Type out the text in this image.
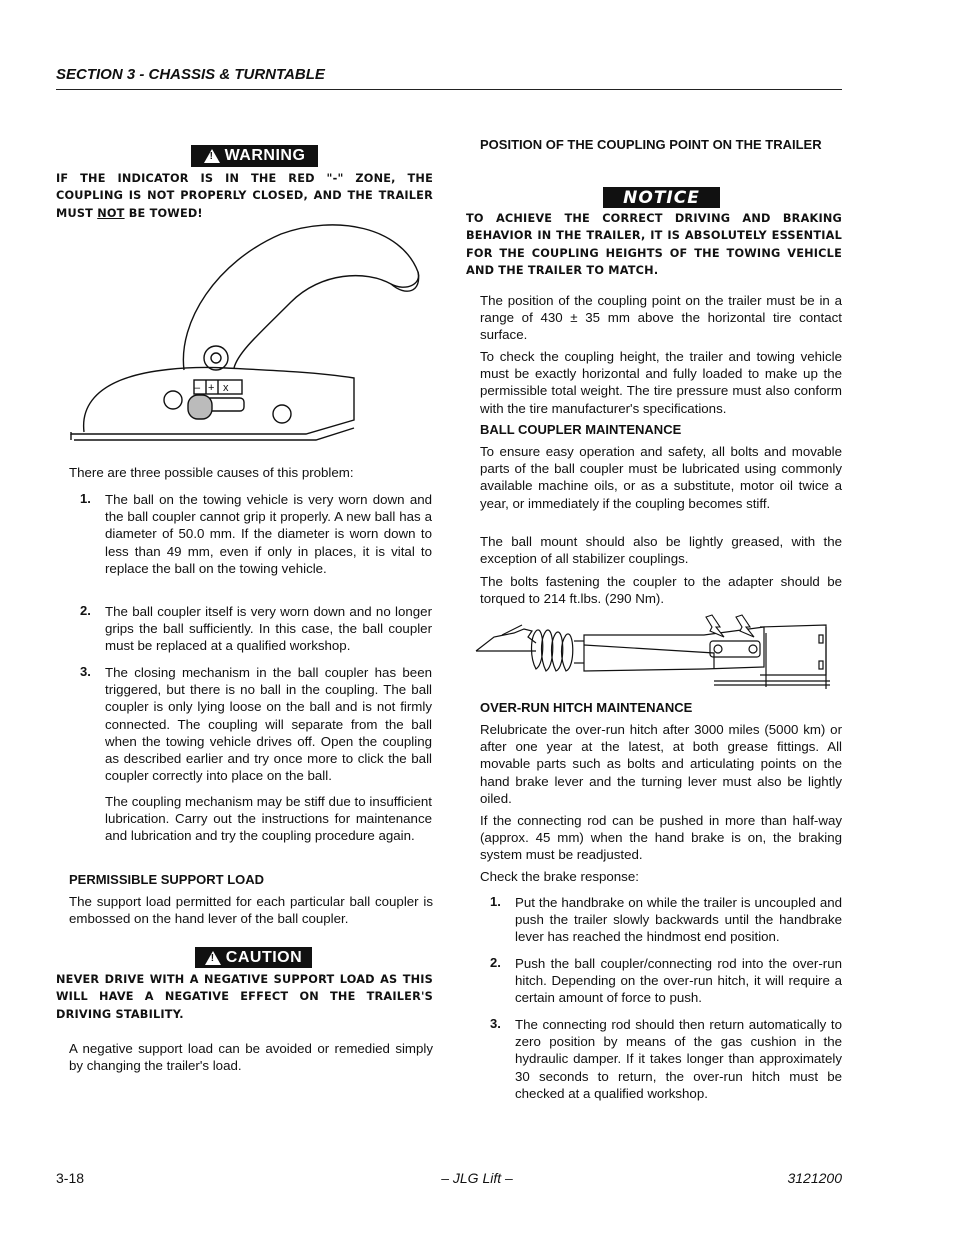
SECTION 3 - CHASSIS & TURNTABLE
! WARNING
IF THE INDICATOR IS IN THE RED "-" ZONE, THE COUPLING IS NOT PROPERLY CLOSED, AND THE TRAILER MUST NOT BE TOWED!
– + x

There are three possible causes of this problem:

1. The ball on the towing vehicle is very worn down and the ball coupler cannot grip it properly. A new ball has a diameter of 50.0 mm. If the diameter is worn down to less than 49 mm, even if only in places, it is vital to replace the ball on the towing vehicle.

2. The ball coupler itself is very worn down and no longer grips the ball sufficiently. In this case, the ball coupler must be replaced at a qualified workshop.

3. The closing mechanism in the ball coupler has been triggered, but there is no ball in the coupling. The ball coupler is only lying loose on the ball and is not firmly connected. The coupling will separate from the ball when the towing vehicle drives off. Open the coupling as described earlier and try once more to click the ball coupler correctly into place on the ball.

The coupling mechanism may be stiff due to insufficient lubrication. Carry out the instructions for maintenance and lubrication and try the coupling procedure again.

PERMISSIBLE SUPPORT LOAD

The support load permitted for each particular ball coupler is embossed on the hand lever of the ball coupler.

! CAUTION
NEVER DRIVE WITH A NEGATIVE SUPPORT LOAD AS THIS WILL HAVE A NEGATIVE EFFECT ON THE TRAILER'S DRIVING STABILITY.

A negative support load can be avoided or remedied simply by changing the trailer's load.

POSITION OF THE COUPLING POINT ON THE TRAILER
NOTICE
TO ACHIEVE THE CORRECT DRIVING AND BRAKING BEHAVIOR IN THE TRAILER, IT IS ABSOLUTELY ESSENTIAL FOR THE COUPLING HEIGHTS OF THE TOWING VEHICLE AND THE TRAILER TO MATCH.

The position of the coupling point on the trailer must be in a range of 430 ± 35 mm above the horizontal tire contact surface.

To check the coupling height, the trailer and towing vehicle must be exactly horizontal and fully loaded to make up the permissible total weight. The tire pressure must also conform with the tire manufacturer's specifications.

BALL COUPLER MAINTENANCE

To ensure easy operation and safety, all bolts and movable parts of the ball coupler must be lubricated using commonly available machine oils, or as a substitute, motor oil twice a year, or immediately if the coupling becomes stiff.

The ball mount should also be lightly greased, with the exception of all stabilizer couplings.

The bolts fastening the coupler to the adapter should be torqued to 214 ft.lbs. (290 Nm).

OVER-RUN HITCH MAINTENANCE

Relubricate the over-run hitch after 3000 miles (5000 km) or after one year at the latest, at both grease fittings. All movable parts such as bolts and articulating points on the hand brake lever and the turning lever must also be lightly oiled.

If the connecting rod can be pushed in more than half-way (approx. 45 mm) when the hand brake is on, the braking system must be readjusted.

Check the brake response:

1. Put the handbrake on while the trailer is uncoupled and push the trailer slowly backwards until the handbrake lever has reached the hindmost end position.

2. Push the ball coupler/connecting rod into the over-run hitch. Depending on the over-run hitch, it will require a certain amount of force to push.

3. The connecting rod should then return automatically to zero position by means of the gas cushion in the hydraulic damper. If it takes longer than approximately 30 seconds to return, the over-run hitch must be checked at a qualified workshop.

3-18	– JLG Lift –	3121200
